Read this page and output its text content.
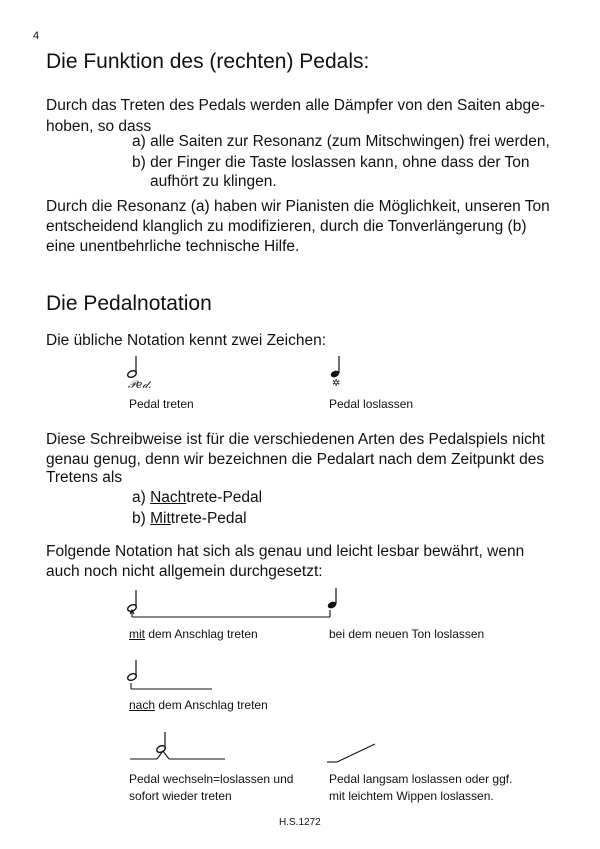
4
Die Funktion des (rechten) Pedals:
Durch das Treten des Pedals werden alle Dämpfer von den Saiten abge-
hoben, so dass
a) alle Saiten zur Resonanz (zum Mitschwingen) frei werden,
b) der Finger die Taste loslassen kann, ohne dass der Ton
aufhört zu klingen.
Durch die Resonanz (a) haben wir Pianisten die Möglichkeit, unseren Ton
entscheidend klanglich zu modifizieren, durch die Tonverlängerung (b)
eine unentbehrliche technische Hilfe.
Die Pedalnotation
Die übliche Notation kennt zwei Zeichen:
𝒫𝑒𝒹.
Pedal treten
✲
Pedal loslassen
Diese Schreibweise ist für die verschiedenen Arten des Pedalspiels nicht
genau genug, denn wir bezeichnen die Pedalart nach dem Zeitpunkt des
Tretens als
a) Nachtrete-Pedal
b) Mittrete-Pedal
Folgende Notation hat sich als genau und leicht lesbar bewährt, wenn
auch noch nicht allgemein durchgesetzt:
mit dem Anschlag treten	bei dem neuen Ton loslassen
nach dem Anschlag treten
Pedal wechseln=loslassen und
sofort wieder treten
Pedal langsam loslassen oder ggf.
mit leichtem Wippen loslassen.
H.S.1272
